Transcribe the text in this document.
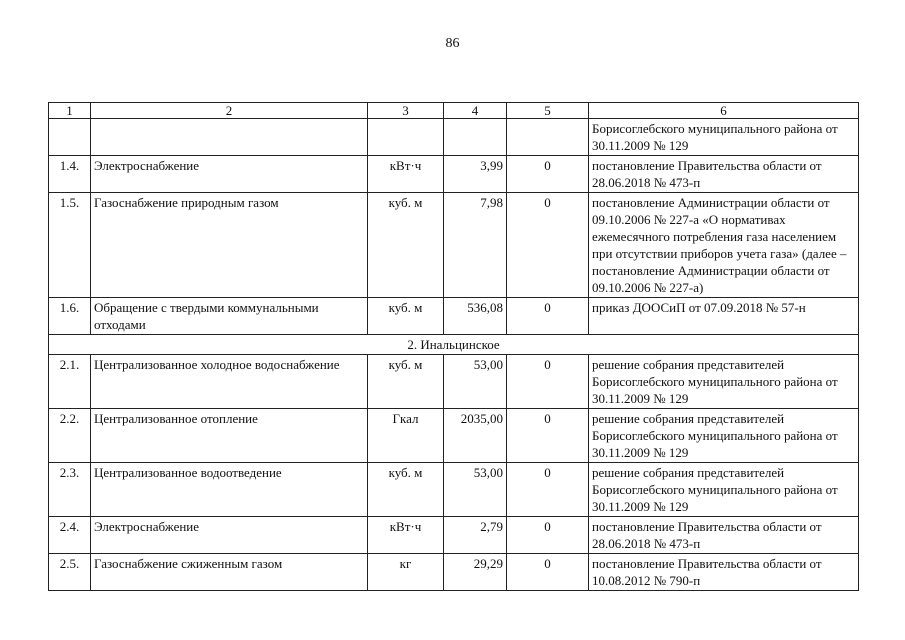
86
1	2	3	4	5	6
					Борисоглебского муниципального района от 30.11.2009 № 129
1.4.	Электроснабжение	кВт·ч	3,99	0	постановление Правительства области от 28.06.2018 № 473-п
1.5.	Газоснабжение природным газом	куб. м	7,98	0	постановление Администрации области от 09.10.2006 № 227-а «О нормативах ежемесячного потребления газа населением при отсутствии приборов учета газа» (далее – постановление Администрации области от 09.10.2006 № 227-а)
1.6.	Обращение с твердыми коммунальными отходами	куб. м	536,08	0	приказ ДООСиП от 07.09.2018 № 57-н
2. Инальцинское					
2.1.	Централизованное холодное водоснабжение	куб. м	53,00	0	решение собрания представителей Борисоглебского муниципального района от 30.11.2009 № 129
2.2.	Централизованное отопление	Гкал	2035,00	0	решение собрания представителей Борисоглебского муниципального района от 30.11.2009 № 129
2.3.	Централизованное водоотведение	куб. м	53,00	0	решение собрания представителей Борисоглебского муниципального района от 30.11.2009 № 129
2.4.	Электроснабжение	кВт·ч	2,79	0	постановление Правительства области от 28.06.2018 № 473-п
2.5.	Газоснабжение сжиженным газом	кг	29,29	0	постановление Правительства области от 10.08.2012 № 790-п
